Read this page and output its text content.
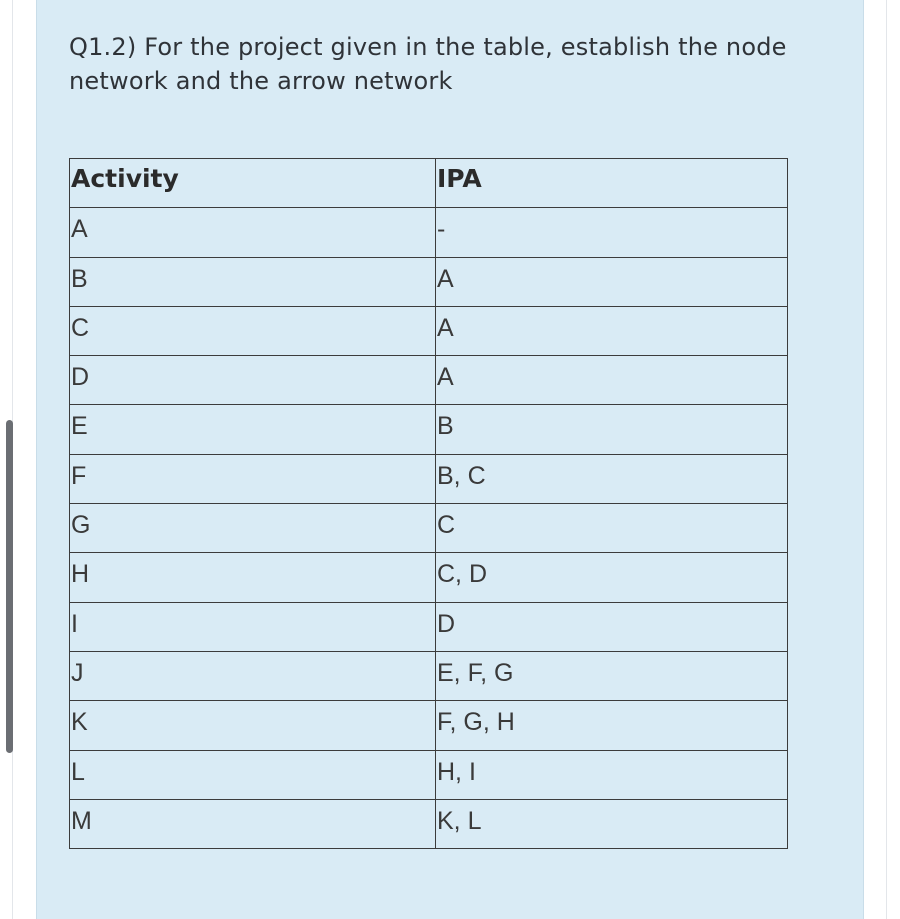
Q1.2) For the project given in the table, establish the node network and the arrow network
Activity	IPA
A	-
B	A
C	A
D	A
E	B
F	B, C
G	C
H	C, D
I	D
J	E, F, G
K	F, G, H
L	H, I
M	K, L
